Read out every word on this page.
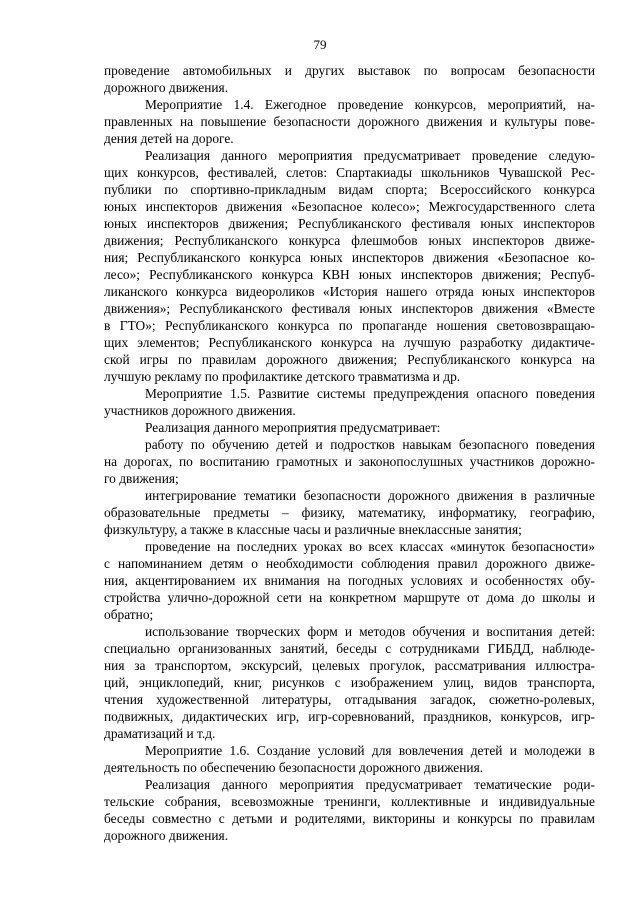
79
проведение автомобильных и других выставок по вопросам безопасности
дорожного движения.
Мероприятие 1.4. Ежегодное проведение конкурсов, мероприятий, на-
правленных на повышение безопасности дорожного движения и культуры пове-
дения детей на дороге.
Реализация данного мероприятия предусматривает проведение следую-
щих конкурсов, фестивалей, слетов: Спартакиады школьников Чувашской Рес-
публики по спортивно-прикладным видам спорта; Всероссийского конкурса
юных инспекторов движения «Безопасное колесо»; Межгосударственного слета
юных инспекторов движения; Республиканского фестиваля юных инспекторов
движения; Республиканского конкурса флешмобов юных инспекторов движе-
ния; Республиканского конкурса юных инспекторов движения «Безопасное ко-
лесо»; Республиканского конкурса КВН юных инспекторов движения; Респуб-
ликанского конкурса видеороликов «История нашего отряда юных инспекторов
движения»; Республиканского фестиваля юных инспекторов движения «Вместе
в ГТО»; Республиканского конкурса по пропаганде ношения световозвращаю-
щих элементов; Республиканского конкурса на лучшую разработку дидактиче-
ской игры по правилам дорожного движения; Республиканского конкурса на
лучшую рекламу по профилактике детского травматизма и др.
Мероприятие 1.5. Развитие системы предупреждения опасного поведения
участников дорожного движения.
Реализация данного мероприятия предусматривает:
работу по обучению детей и подростков навыкам безопасного поведения
на дорогах, по воспитанию грамотных и законопослушных участников дорожно-
го движения;
интегрирование тематики безопасности дорожного движения в различные
образовательные предметы – физику, математику, информатику, географию,
физкультуру, а также в классные часы и различные внеклассные занятия;
проведение на последних уроках во всех классах «минуток безопасности»
с напоминанием детям о необходимости соблюдения правил дорожного движе-
ния, акцентированием их внимания на погодных условиях и особенностях обу-
стройства улично-дорожной сети на конкретном маршруте от дома до школы и
обратно;
использование творческих форм и методов обучения и воспитания детей:
специально организованных занятий, беседы с сотрудниками ГИБДД, наблюде-
ния за транспортом, экскурсий, целевых прогулок, рассматривания иллюстра-
ций, энциклопедий, книг, рисунков с изображением улиц, видов транспорта,
чтения художественной литературы, отгадывания загадок, сюжетно-ролевых,
подвижных, дидактических игр, игр-соревнований, праздников, конкурсов, игр-
драматизаций и т.д.
Мероприятие 1.6. Создание условий для вовлечения детей и молодежи в
деятельность по обеспечению безопасности дорожного движения.
Реализация данного мероприятия предусматривает тематические роди-
тельские собрания, всевозможные тренинги, коллективные и индивидуальные
беседы совместно с детьми и родителями, викторины и конкурсы по правилам
дорожного движения.
